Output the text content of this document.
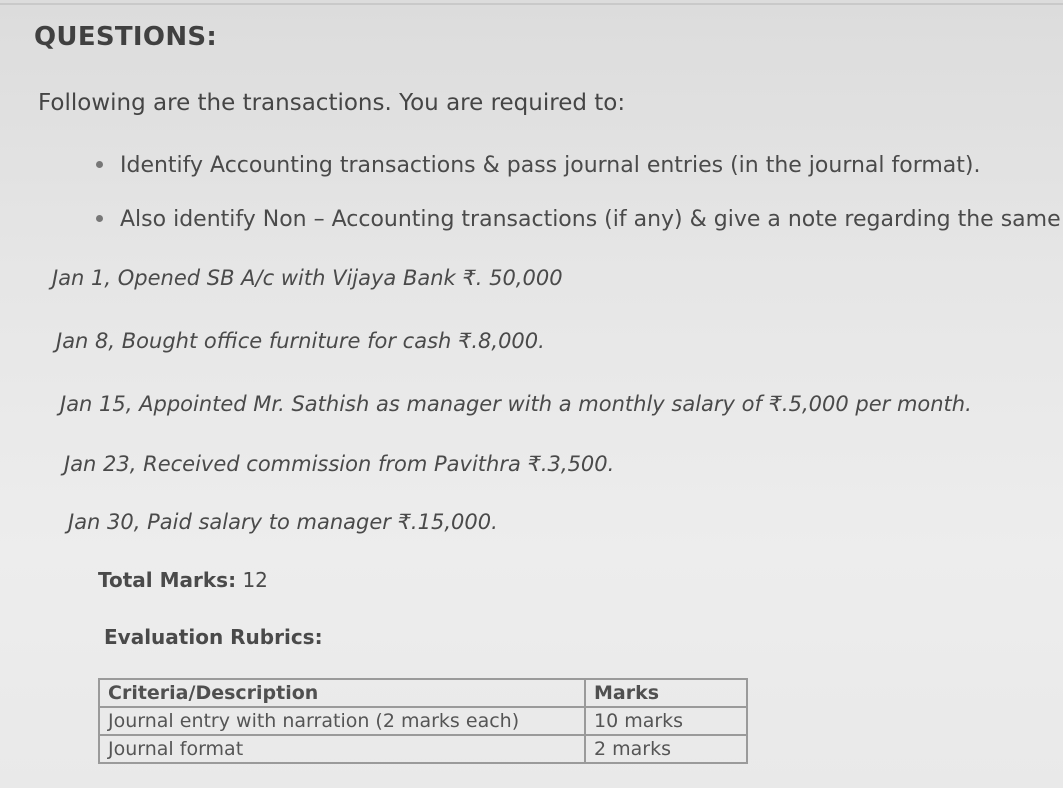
QUESTIONS:
Following are the transactions. You are required to:
Identify Accounting transactions & pass journal entries (in the journal format).
Also identify Non – Accounting transactions (if any) & give a note regarding the same
Jan 1, Opened SB A/c with Vijaya Bank ₹. 50,000
Jan 8, Bought office furniture for cash ₹.8,000.
Jan 15, Appointed Mr. Sathish as manager with a monthly salary of ₹.5,000 per month.
Jan 23, Received commission from Pavithra ₹.3,500.
Jan 30, Paid salary to manager ₹.15,000.
Total Marks: 12
Evaluation Rubrics:
Criteria/Description	Marks
Journal entry with narration (2 marks each)	10 marks
Journal format	2 marks
